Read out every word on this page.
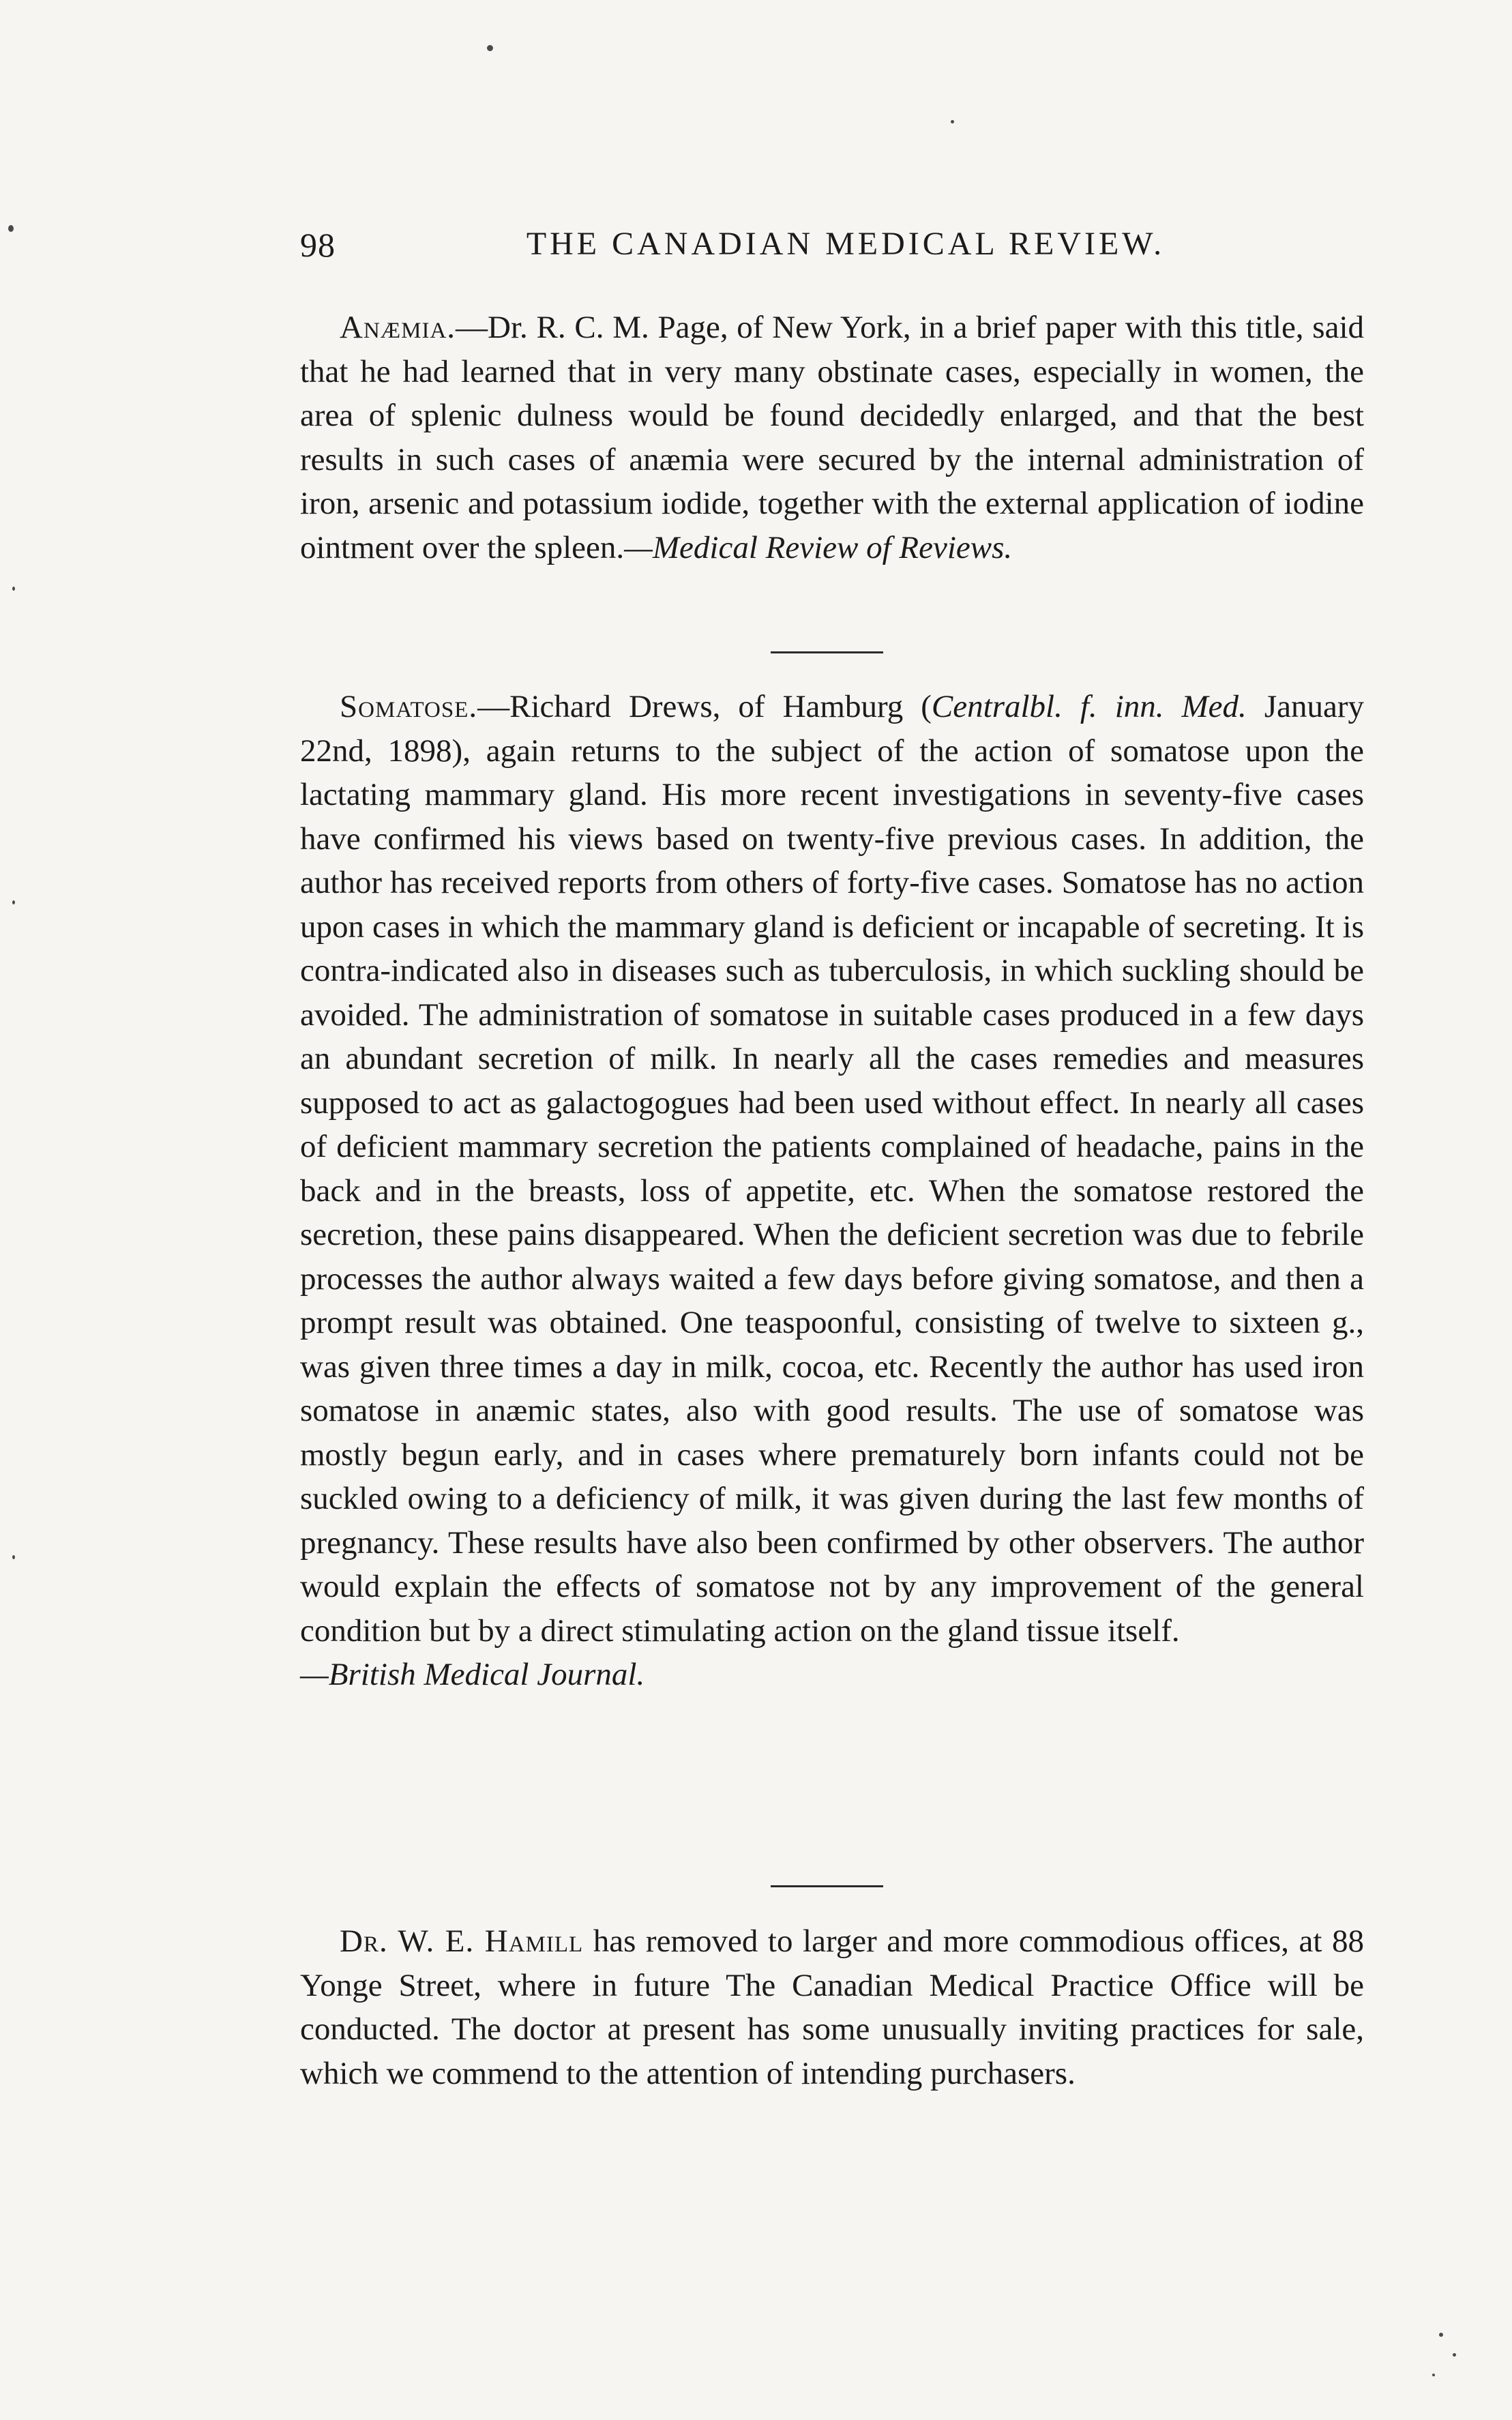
98	THE CANADIAN MEDICAL REVIEW.

Anæmia.—Dr. R. C. M. Page, of New York, in a brief paper with this title, said that he had learned that in very many obstinate cases, especially in women, the area of splenic dulness would be found decidedly enlarged, and that the best results in such cases of anæmia were secured by the internal administration of iron, arsenic and potassium iodide, together with the external application of iodine ointment over the spleen.—Medical Review of Reviews.

Somatose.—Richard Drews, of Hamburg (Centralbl. f. inn. Med. January 22nd, 1898), again returns to the subject of the action of somatose upon the lactating mammary gland. His more recent investigations in seventy-five cases have confirmed his views based on twenty-five previous cases. In addition, the author has received reports from others of forty-five cases. Somatose has no action upon cases in which the mammary gland is deficient or incapable of secreting. It is contra-indicated also in diseases such as tuberculosis, in which suckling should be avoided. The administration of somatose in suitable cases produced in a few days an abundant secretion of milk. In nearly all the cases remedies and measures supposed to act as galactogogues had been used without effect. In nearly all cases of deficient mammary secretion the patients complained of headache, pains in the back and in the breasts, loss of appetite, etc. When the somatose restored the secretion, these pains disappeared. When the deficient secretion was due to febrile processes the author always waited a few days before giving somatose, and then a prompt result was obtained. One teaspoonful, consisting of twelve to sixteen g., was given three times a day in milk, cocoa, etc. Recently the author has used iron somatose in anæmic states, also with good results. The use of somatose was mostly begun early, and in cases where prematurely born infants could not be suckled owing to a deficiency of milk, it was given during the last few months of pregnancy. These results have also been confirmed by other observers. The author would explain the effects of somatose not by any improvement of the general condition but by a direct stimulating action on the gland tissue itself.
—British Medical Journal.

Dr. W. E. Hamill has removed to larger and more commodious offices, at 88 Yonge Street, where in future The Canadian Medical Practice Office will be conducted. The doctor at present has some unusually inviting practices for sale, which we commend to the attention of intending purchasers.
